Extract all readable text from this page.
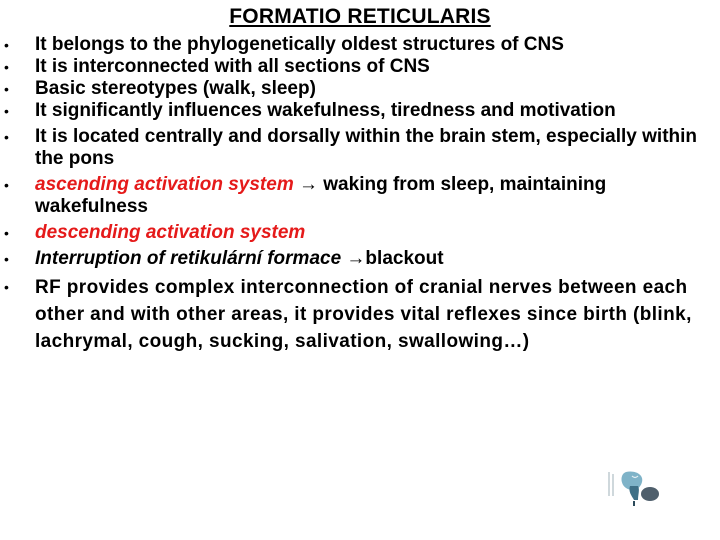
FORMATIO RETICULARIS
• It belongs to the phylogenetically oldest structures of CNS
• It is interconnected with all sections of CNS
• Basic stereotypes (walk, sleep)
• It significantly influences wakefulness, tiredness and motivation
• It is located centrally and dorsally within the brain stem, especially within the pons
• ascending activation system → waking from sleep, maintaining wakefulness
• descending activation system
• Interruption of retikulární formace →blackout
• RF provides complex interconnection of cranial nerves between each other and with other areas, it provides vital reflexes since birth (blink, lachrymal, cough, sucking, salivation, swallowing…)
